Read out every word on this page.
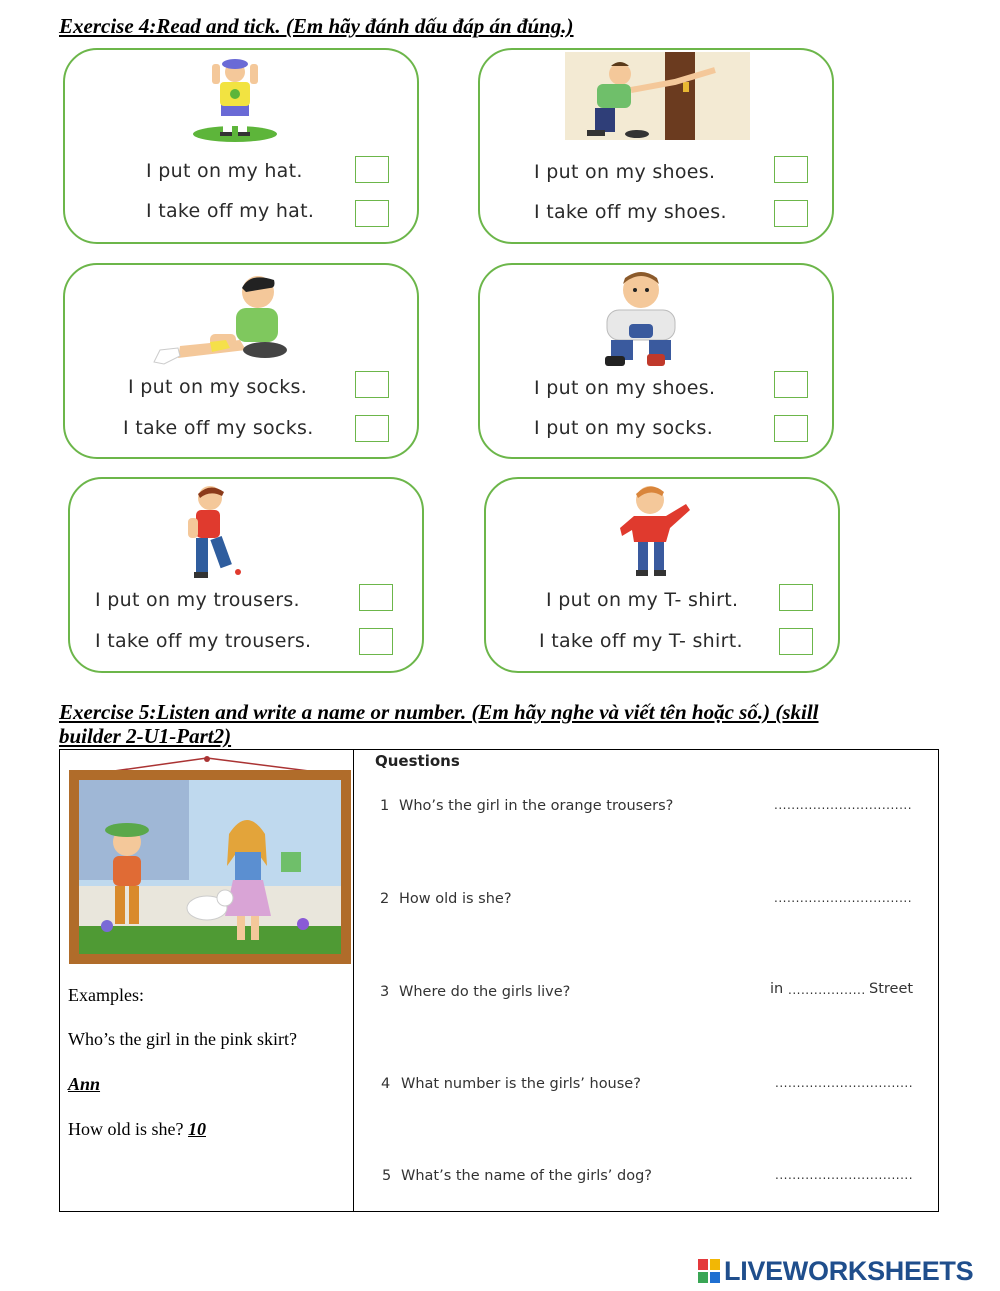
Exercise 4:Read and tick. (Em hãy đánh dấu đáp án đúng.)
I put on my hat.
I take off my hat.
I put on my shoes.
I take off my shoes.
I put on my socks.
I take off my socks.
I put on my shoes.
I put on my socks.
I put on my trousers.
I take off my trousers.
I put on my T- shirt.
I take off my T- shirt.
Exercise 5:Listen and write a name or number. (Em hãy nghe và viết tên hoặc số.) (skill
builder 2-U1-Part2)
Examples:
Who’s the girl in the pink skirt?
Ann
How old is she? 10
Questions
1 Who’s the girl in the orange trousers?	................................
2 How old is she?	................................
3 Where do the girls live?	in .................. Street
4 What number is the girls’ house?	................................
5 What’s the name of the girls’ dog?	................................
LIVEWORKSHEETS
